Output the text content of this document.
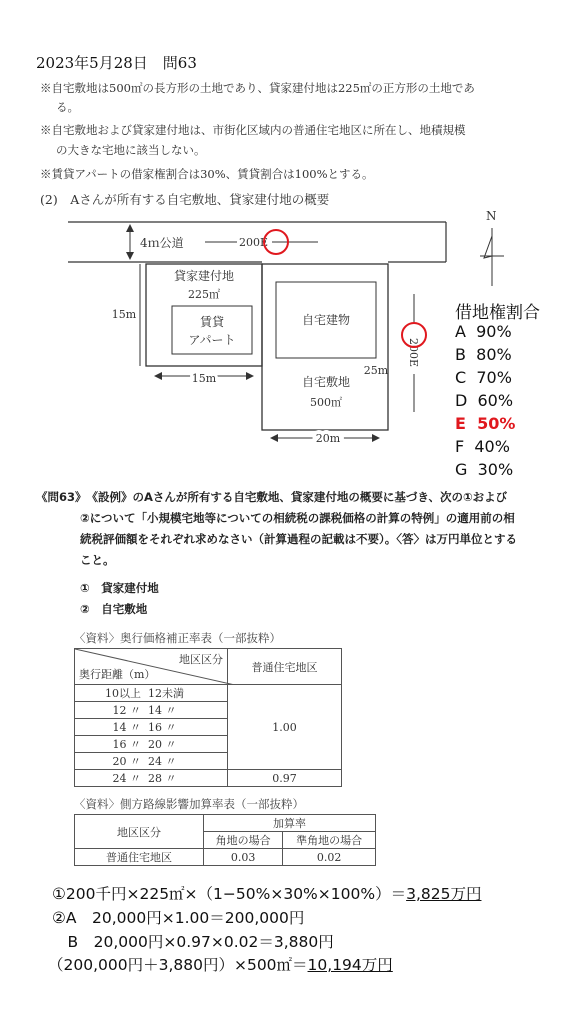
2023年5月28日　問63
※自宅敷地は500㎡の長方形の土地であり、貸家建付地は225㎡の正方形の土地であ
る。
※自宅敷地および貸家建付地は、市街化区域内の普通住宅地区に所在し、地積規模
の大きな宅地に該当しない。
※賃貸アパートの借家権割合は30%、賃貸割合は100%とする。
(2)　Aさんが所有する自宅敷地、貸家建付地の概要
4ｍ公道	200E
N
貸家建付地
225㎡
賃貸
アパート
15m
15m
自宅建物
自宅敷地
500㎡
25m
20m
200E
借地権割合
A 90%
B 80%
C 70%
D 60%
E 50%
F 40%
G 30%
《問63》　《設例》のAさんが所有する自宅敷地、貸家建付地の概要に基づき、次の①および
②について「小規模宅地等についての相続税の課税価格の計算の特例」の適用前の相
続税評価額をそれぞれ求めなさい（計算過程の記載は不要）。〈答〉は万円単位とする
こと。
①　貸家建付地
②　自宅敷地
〈資料〉奥行価格補正率表（一部抜粋）
地区区分
奥行距離（m）	普通住宅地区
10以上 12未満	1.00
12 〃 14 〃	
14 〃 16 〃	
16 〃 20 〃	
20 〃 24 〃	
24 〃 28 〃	0.97
〈資料〉側方路線影響加算率表（一部抜粋）
地区区分	加算率	
	角地の場合	準角地の場合
普通住宅地区	0.03	0.02
①200千円×225㎡×（1−50%×30%×100%）＝3,825万円
②A　20,000円×1.00＝200,000円
　B　20,000円×0.97×0.02＝3,880円
（200,000円＋3,880円）×500㎡＝10,194万円
